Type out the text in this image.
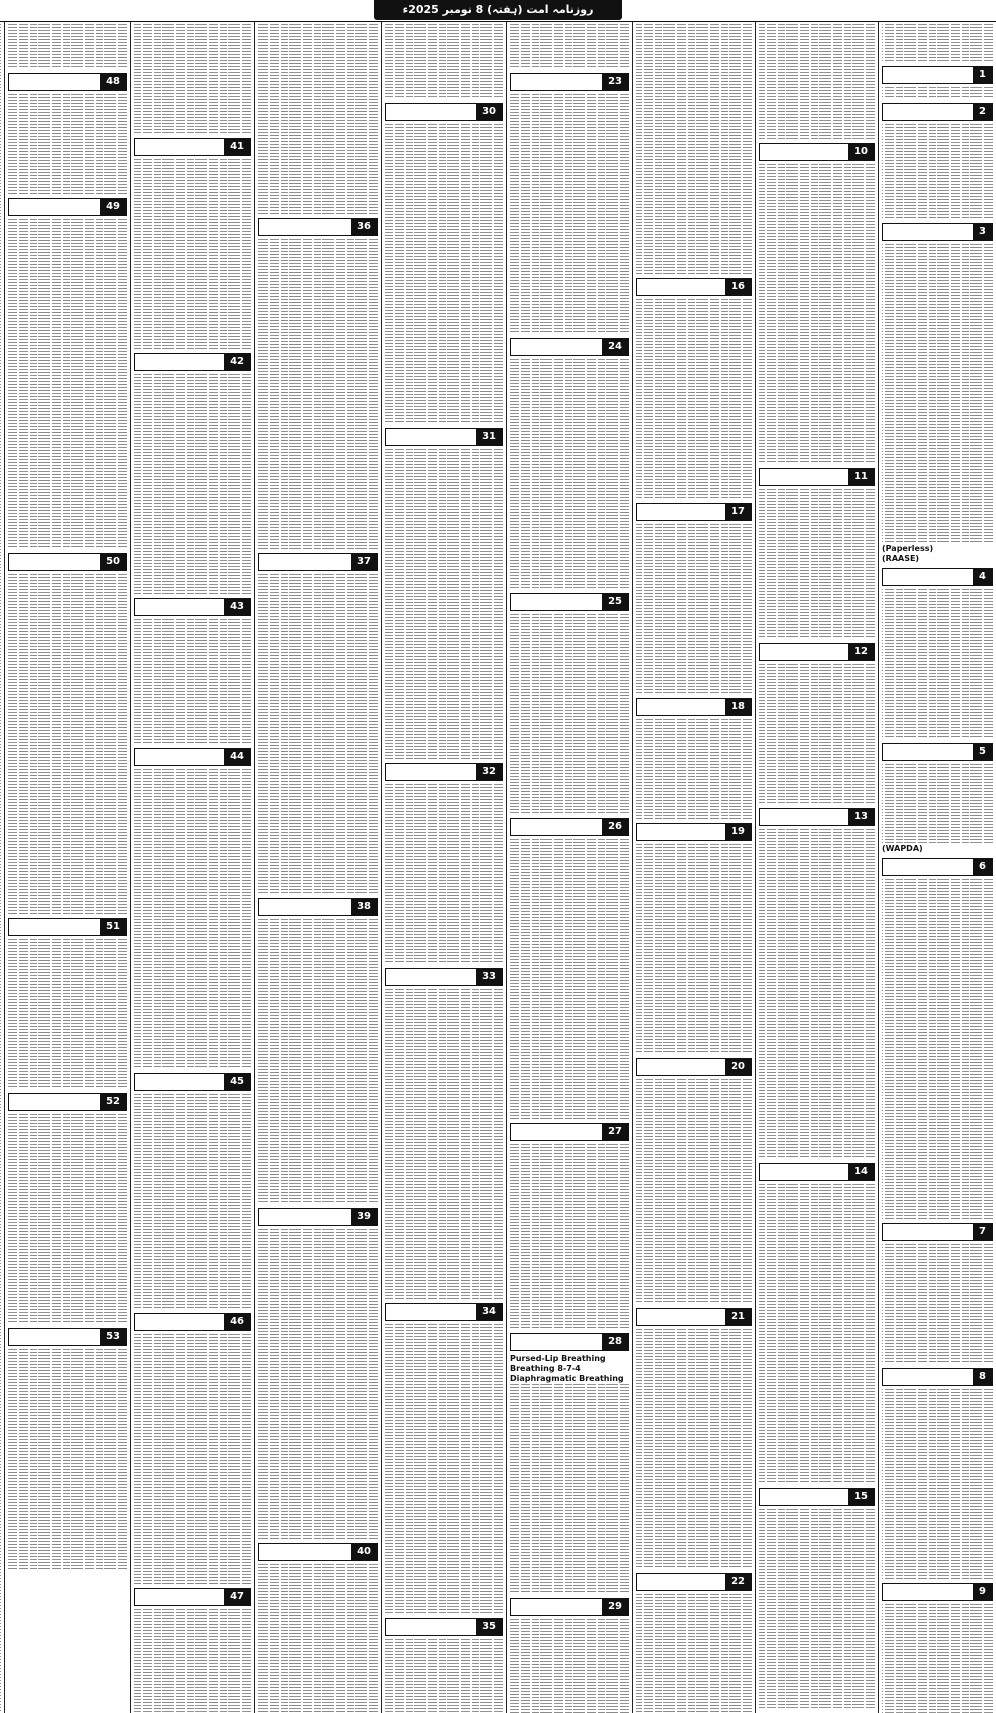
روزنامہ امت (ہفتہ) 8 نومبر 2025ء
1
2
3
(Paperless)
(RAASE)
4
5
(WAPDA)
6
7
8
9
10
11
12
13
14
15
16
17
18
19
20
21
22
23
24
25
26
27
28
Pursed-Lip Breathing
Breathing 8-7-4
Diaphragmatic Breathing
29
30
31
32
33
34
35
36
37
38
39
40
41
42
43
44
45
46
47
48
49
50
51
52
53
